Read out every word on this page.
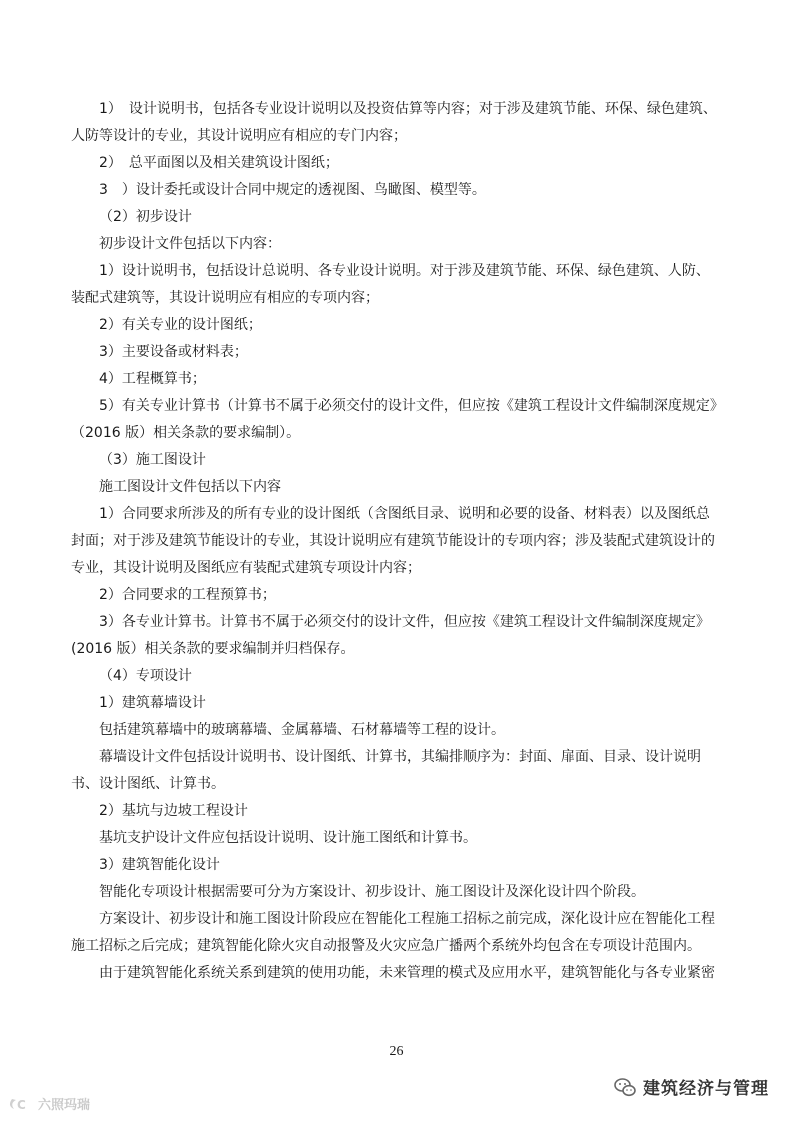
1）　设计说明书，包括各专业设计说明以及投资估算等内容；对于涉及建筑节能、环保、绿色建筑、人防等设计的专业，其设计说明应有相应的专门内容；

2）　总平面图以及相关建筑设计图纸；

3　）设计委托或设计合同中规定的透视图、鸟瞰图、模型等。

（2）初步设计

初步设计文件包括以下内容：

1）设计说明书，包括设计总说明、各专业设计说明。对于涉及建筑节能、环保、绿色建筑、人防、装配式建筑等，其设计说明应有相应的专项内容；

2）有关专业的设计图纸；

3）主要设备或材料表；

4）工程概算书；

5）有关专业计算书（计算书不属于必须交付的设计文件，但应按《建筑工程设计文件编制深度规定》（2016 版）相关条款的要求编制）。

（3）施工图设计

施工图设计文件包括以下内容

1）合同要求所涉及的所有专业的设计图纸（含图纸目录、说明和必要的设备、材料表）以及图纸总封面；对于涉及建筑节能设计的专业，其设计说明应有建筑节能设计的专项内容；涉及装配式建筑设计的专业，其设计说明及图纸应有装配式建筑专项设计内容；

2）合同要求的工程预算书；

3）各专业计算书。计算书不属于必须交付的设计文件，但应按《建筑工程设计文件编制深度规定》(2016 版）相关条款的要求编制并归档保存。

（4）专项设计

1）建筑幕墙设计

包括建筑幕墙中的玻璃幕墙、金属幕墙、石材幕墙等工程的设计。

幕墙设计文件包括设计说明书、设计图纸、计算书，其编排顺序为：封面、扉面、目录、设计说明书、设计图纸、计算书。

2）基坑与边坡工程设计

基坑支护设计文件应包括设计说明、设计施工图纸和计算书。

3）建筑智能化设计

智能化专项设计根据需要可分为方案设计、初步设计、施工图设计及深化设计四个阶段。

方案设计、初步设计和施工图设计阶段应在智能化工程施工招标之前完成，深化设计应在智能化工程施工招标之后完成；建筑智能化除火灾自动报警及火灾应急广播两个系统外均包含在专项设计范围内。

由于建筑智能化系统关系到建筑的使用功能，未来管理的模式及应用水平，建筑智能化与各专业紧密

26
建筑经济与管理
C 六照玛瑞
